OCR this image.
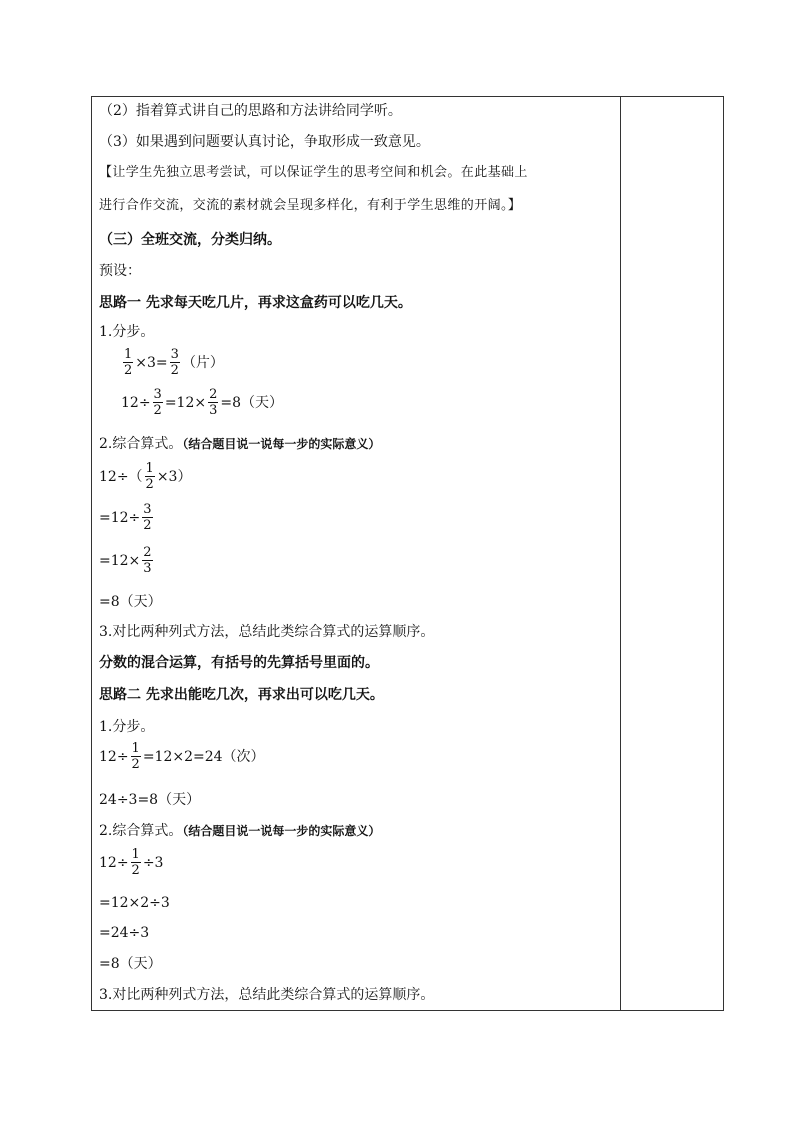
（2）指着算式讲自己的思路和方法讲给同学听。
（3）如果遇到问题要认真讨论，争取形成一致意见。
【让学生先独立思考尝试，可以保证学生的思考空间和机会。在此基础上
进行合作交流，交流的素材就会呈现多样化，有利于学生思维的开阔。】
（三）全班交流，分类归纳。
预设：
思路一 先求每天吃几片，再求这盒药可以吃几天。
1.分步。
$\frac{1}{2} \times 3= \frac{3}{2}$ （片）
$12\div \frac{3}{2} =12\times \frac{2}{3} =8$（天）
2.综合算式。（结合题目说一说每一步的实际意义）
$12\div( \frac{1}{2} \times 3)$
$=12\div \frac{3}{2}$
$=12\times \frac{2}{3}$
=8（天）
3.对比两种列式方法，总结此类综合算式的运算顺序。
分数的混合运算，有括号的先算括号里面的。
思路二 先求出能吃几次，再求出可以吃几天。
1.分步。
$12\div \frac{1}{2} =12\times 2=24$（次）
24÷3=8（天）
2.综合算式。（结合题目说一说每一步的实际意义）
$12\div \frac{1}{2} \div 3$
=12×2÷3
=24÷3
=8（天）
3.对比两种列式方法，总结此类综合算式的运算顺序。
